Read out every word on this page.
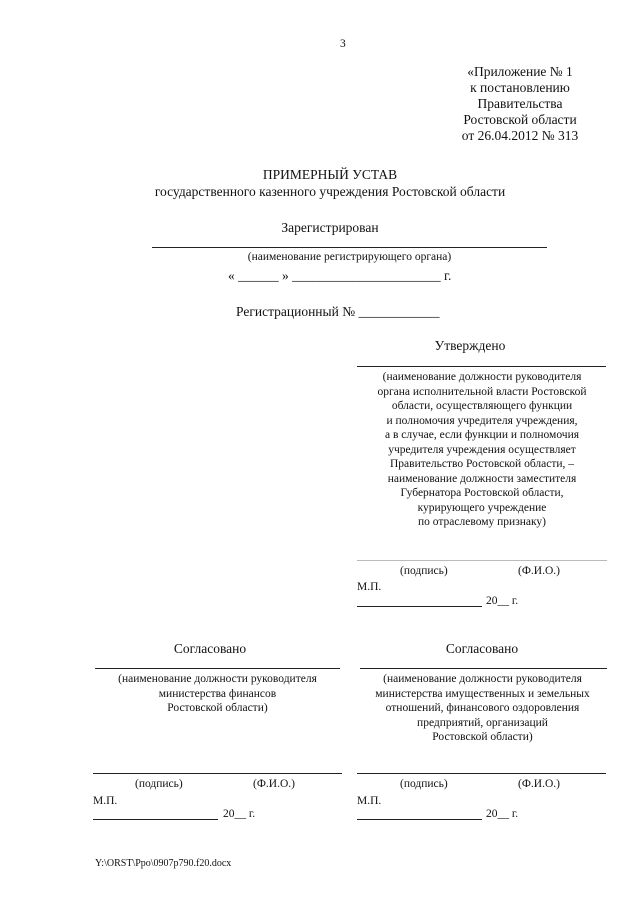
3
«Приложение № 1
к постановлению
Правительства
Ростовской области
от 26.04.2012 № 313
ПРИМЕРНЫЙ УСТАВ
государственного казенного учреждения Ростовской области
Зарегистрирован
(наименование регистрирующего органа)
« ______ » ______________________ г.
Регистрационный № ____________
Утверждено
(наименование должности руководителя
органа исполнительной власти Ростовской
области, осуществляющего функции
и полномочия учредителя учреждения,
а в случае, если функции и полномочия
учредителя учреждения осуществляет
Правительство Ростовской области, –
наименование должности заместителя
Губернатора Ростовской области,
курирующего учреждение
по отраслевому признаку)
(подпись)	(Ф.И.О.)
М.П.
20__ г.
Согласовано
(наименование должности руководителя
министерства финансов
Ростовской области)
(подпись)	(Ф.И.О.)
М.П.
20__ г.
Согласовано
(наименование должности руководителя
министерства имущественных и земельных
отношений, финансового оздоровления
предприятий, организаций
Ростовской области)
(подпись)	(Ф.И.О.)
М.П.
20__ г.
Y:\ORST\Ppo\0907p790.f20.docx
